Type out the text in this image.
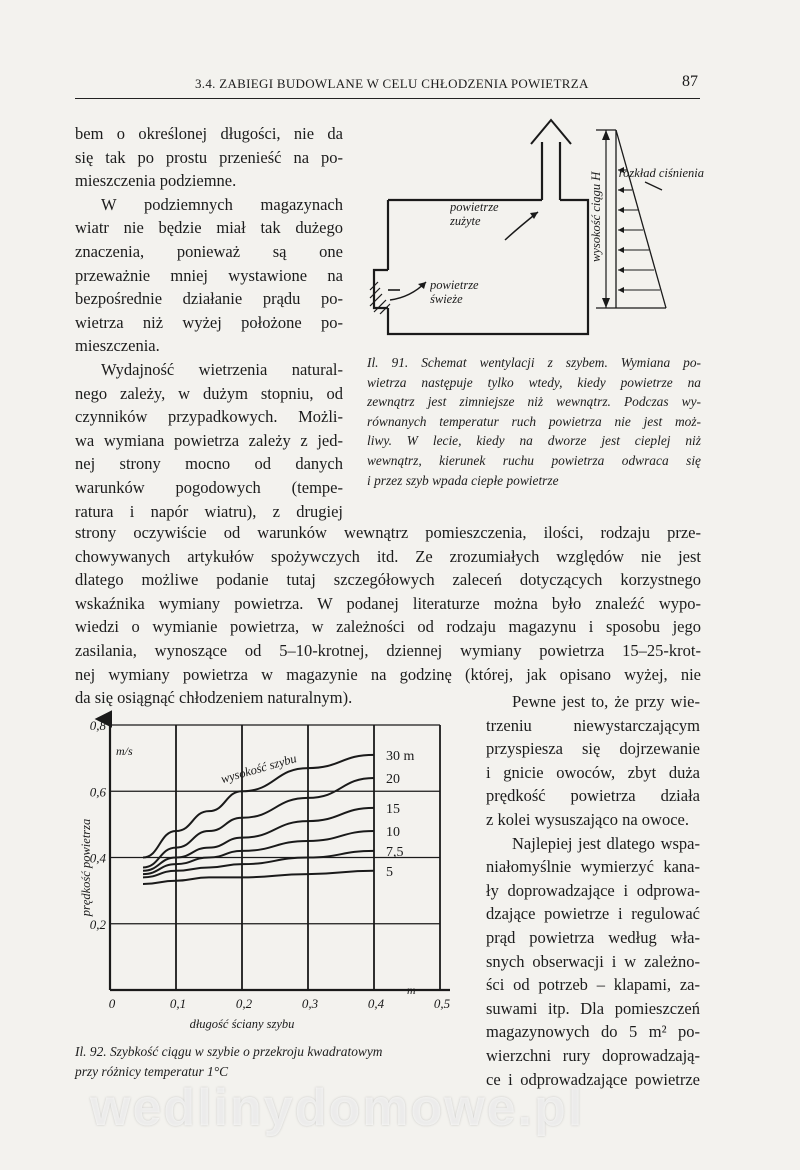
3.4. ZABIEGI BUDOWLANE W CELU CHŁODZENIA POWIETRZA	87

bem o określonej długości, nie da

się tak po prostu przenieść na po-

mieszczenia podziemne.

W podziemnych magazynach

wiatr nie będzie miał tak dużego

znaczenia, ponieważ są one

przeważnie mniej wystawione na

bezpośrednie działanie prądu po-

wietrza niż wyżej położone po-

mieszczenia.

Wydajność wietrzenia natural-

nego zależy, w dużym stopniu, od

czynników przypadkowych. Możli-

wa wymiana powietrza zależy z jed-

nej strony mocno od danych

warunków pogodowych (tempe-

ratura i napór wiatru), z drugiej

rozkład ciśnienia
wysokość ciągu H
powietrze zużyte
powietrze świeże
Il. 91. Schemat wentylacji z szybem. Wymiana po-
wietrza następuje tylko wtedy, kiedy powietrze na
zewnątrz jest zimniejsze niż wewnątrz. Podczas wy-
równanych temperatur ruch powietrza nie jest moż-
liwy. W lecie, kiedy na dworze jest cieplej niż
wewnątrz, kierunek ruchu powietrza odwraca się
i przez szyb wpada ciepłe powietrze

strony oczywiście od warunków wewnątrz pomieszczenia, ilości, rodzaju prze-

chowywanych artykułów spożywczych itd. Ze zrozumiałych względów nie jest

dlatego możliwe podanie tutaj szczegółowych zaleceń dotyczących korzystnego

wskaźnika wymiany powietrza. W podanej literaturze można było znaleźć wypo-

wiedzi o wymianie powietrza, w zależności od rodzaju magazynu i sposobu jego

zasilania, wynoszące od 5–10-krotnej, dziennej wymiany powietrza 15–25-krot-

nej wymiany powietrza w magazynie na godzinę (której, jak opisano wyżej, nie

da się osiągnąć chłodzeniem naturalnym).	Pewne jest to, że przy wie-

trzeniu niewystarczającym

przyspiesza się dojrzewanie

i gnicie owoców, zbyt duża

prędkość powietrza działa

z kolei wysuszająco na owoce.

Najlepiej jest dlatego wspa-

niałomyślnie wymierzyć kana-

ły doprowadzające i odprowa-

dzające powietrze i regulować

prąd powietrza według wła-

snych obserwacji i w zależno-

ści od potrzeb – klapami, za-

suwami itp. Dla pomieszczeń

magazynowych do 5 m² po-

wierzchni rury doprowadzają-

ce i odprowadzające powietrze

0	0,1	0,2	0,3	0,4	0,5
m
długość ściany szybu
0,2
0,4
0,6
0,8
m/s
prędkość powietrza
30 m
20
15
10
7,5
5
wysokość szybu
Il. 92. Szybkość ciągu w szybie o przekroju kwadratowym
przy różnicy temperatur 1°C
wedlinydomowe.pl
